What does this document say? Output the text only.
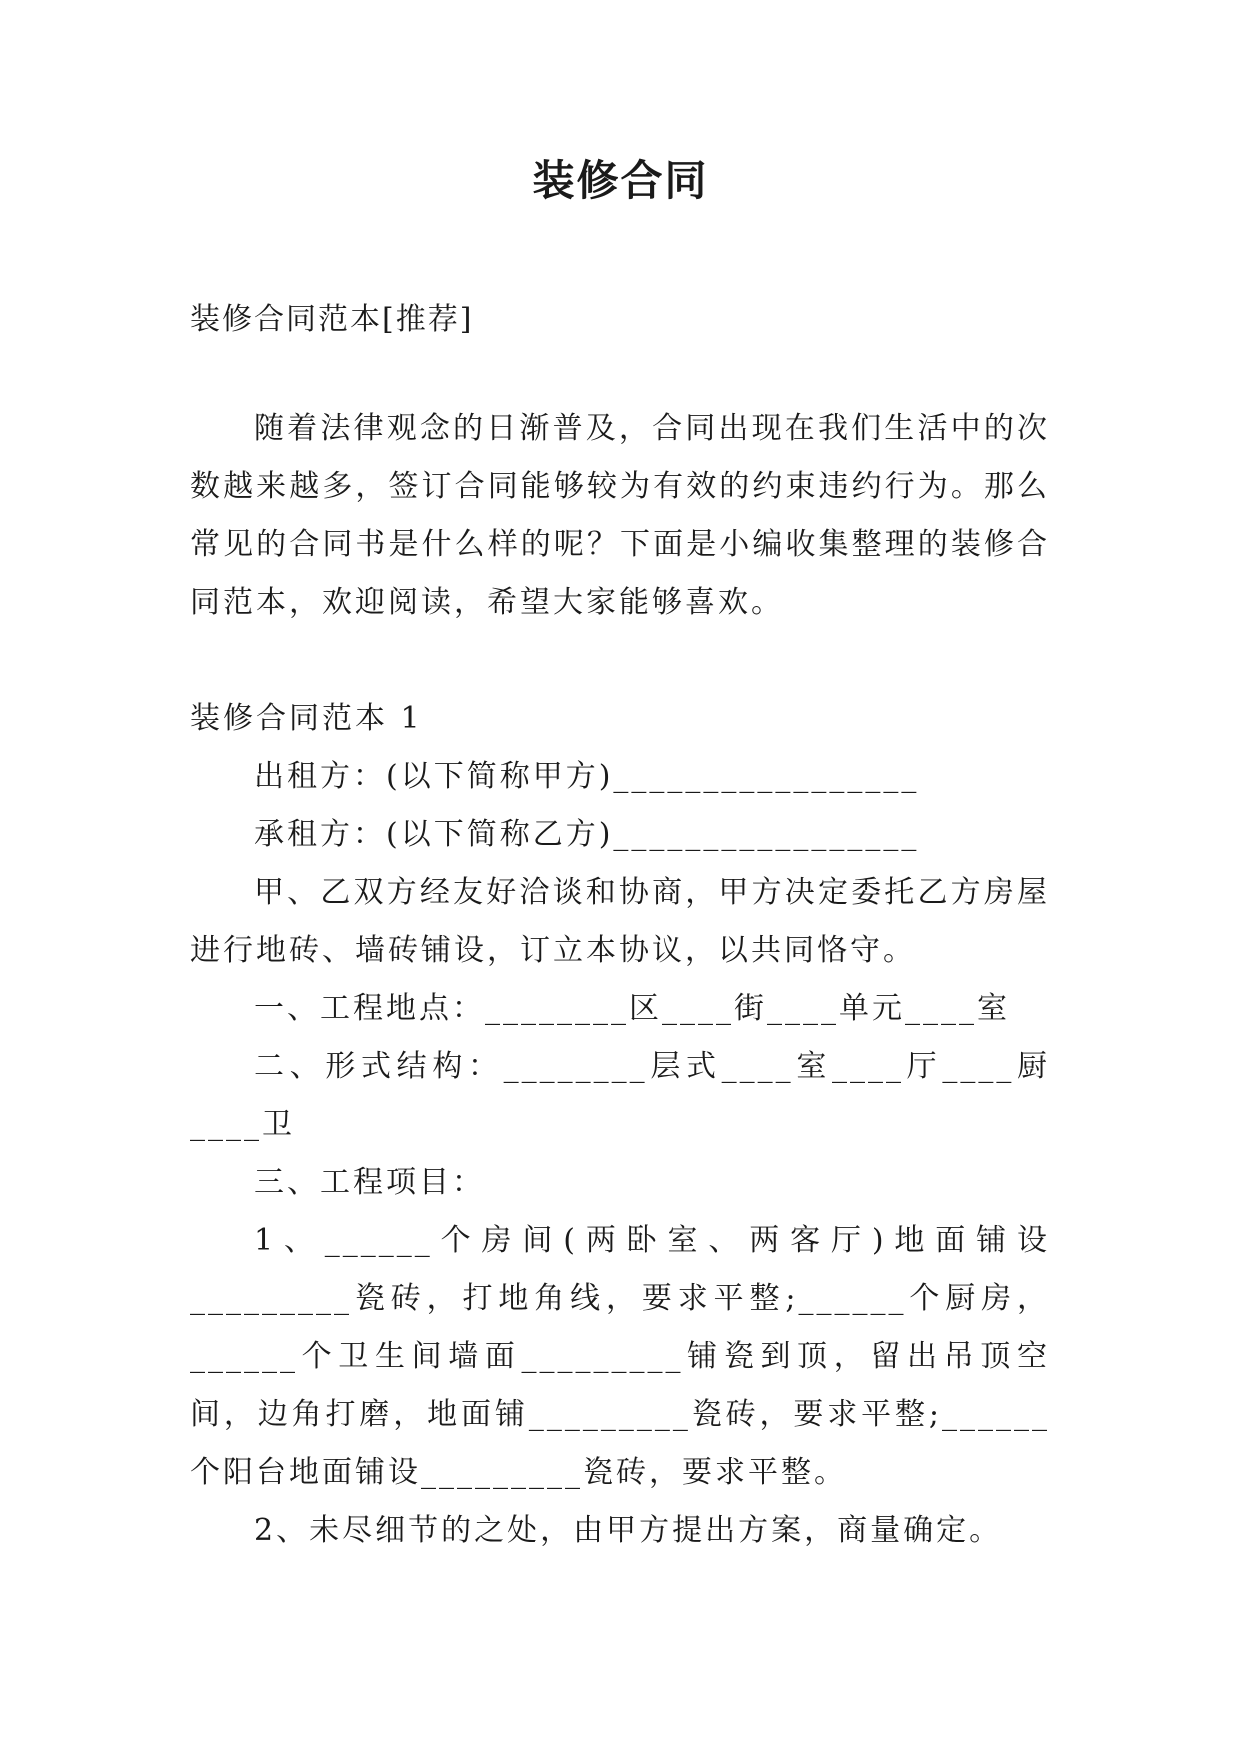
装修合同
装修合同范本[推荐]

随着法律观念的日渐普及，合同出现在我们生活中的次数越来越多，签订合同能够较为有效的约束违约行为。那么常见的合同书是什么样的呢？下面是小编收集整理的装修合同范本，欢迎阅读，希望大家能够喜欢。

装修合同范本 1

出租方：(以下简称甲方)_________________

承租方：(以下简称乙方)_________________

甲、乙双方经友好洽谈和协商，甲方决定委托乙方房屋进行地砖、墙砖铺设，订立本协议，以共同恪守。

一、工程地点：________区____街____单元____室

二、形式结构：________层式____室____厅____厨____卫

三、工程项目：

1、______个房间(两卧室、两客厅)地面铺设_________瓷砖，打地角线，要求平整;______个厨房，______个卫生间墙面_________铺瓷到顶，留出吊顶空间，边角打磨，地面铺_________瓷砖，要求平整;______个阳台地面铺设_________瓷砖，要求平整。

2、未尽细节的之处，由甲方提出方案，商量确定。
